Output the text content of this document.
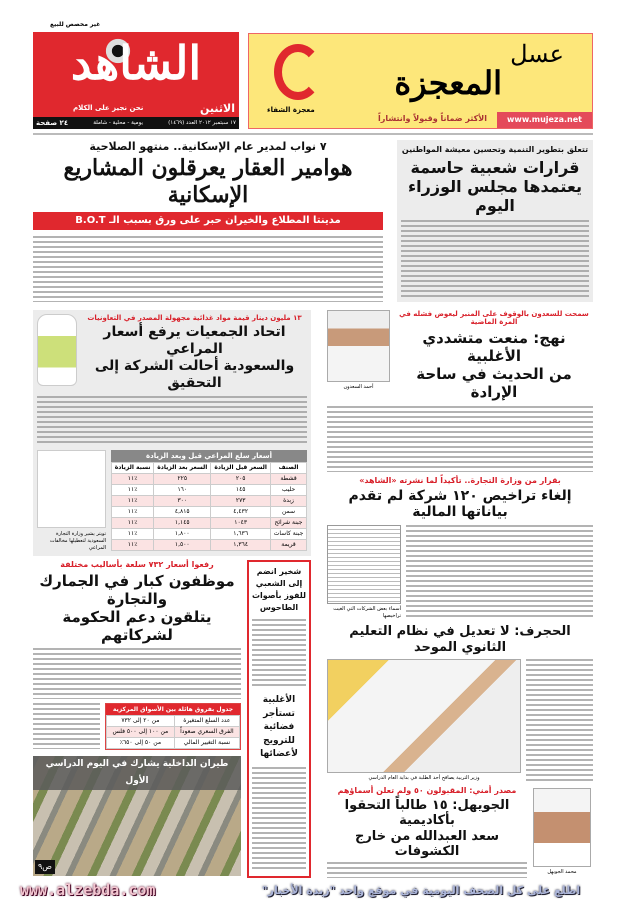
غير مخصص للبيع
الشاهد
نحن نجيز على الكلام	الاثنين
١٧ سبتمبر ٢٠١٢ العدد (١٤٦٩)
يومية - محلية - شاملة
٢٤ صفحة
عسل
المعجزة
معجزة الشفاء
الأكثر ضماناً وقبولاً وانتشاراً	www.mujeza.net
تتعلق بتطوير التنمية وتحسين معيشة المواطنين
قرارات شعبية حاسمة
يعتمدها مجلس الوزراء اليوم
٧ نواب لمدير عام الإسكانية.. منتهو الصلاحية
هوامير العقار يعرقلون المشاريع الإسكانية
مدينتا المطلاع والخيران حبر على ورق بسبب الـ B.O.T
١٣ مليون دينار قيمة مواد غذائية مجهولة المصدر في التعاونيات
اتحاد الجمعيات يرفع أسعار المراعي
والسعودية أحالت الشركة إلى التحقيق
أسعار سلع المراعي قبل وبعد الزيادة
الصنف	السعر قبل الزيادة	السعر بعد الزيادة	نسبة الزيادة
قشطة	٢٠٥	٢٢٥	٪١١
حليب	١٤٥	١٦٠	٪١١
زبدة	٢٧٣	٣٠٠	٪١١
سمن	٤,٤٣٢	٤,٨١٥	٪١١
جبنة شرائح	١٠٤٣	١,١٤٥	٪١١
جبنة كاسات	١,٦٣٦	١,٨٠٠	٪١١
قريمة	١,٣٦٤	١,٥٠٠	٪١١
تويتر يشير وزارة التجارة السعودية لتعطيلها مخالفات المراعي
سمحت للسعدون بالوقوف على المنبر ليعوض فشله في المرة الماضية
نهج: منعت متشددي الأغلبية
من الحديث في ساحة الإرادة
أحمد السعدون
بقرار من وزارة التجارة.. تأكيداً لما نشرته «الشاهد»
إلغاء تراخيص ١٢٠ شركة لم تقدم بياناتها المالية
أسماء بعض الشركات التي الغيت تراخيصها
الحجرف: لا تعديل في نظام التعليم الثانوي الموحد
وزير التربية يصافح أحد الطلبة في بداية العام الدراسي
مصدر أمني: المقبولون ٥٠ ولم تعلن أسماؤهم
الجويهل: ١٥ طالباً التحقوا بأكاديمية
سعد العبدالله من خارج الكشوفات
محمد الجويهل
رفعوا أسعار ٧٣٢ سلعة بأساليب مختلفة
موظفون كبار في الجمارك والتجارة
يتلقون دعم الحكومة لشركاتهم
جدول بفروق هائلة بين الأسواق المركزية
عدد السلع المتغيرة	من ٢٠ إلى ٧٣٢
الفرق السعري صعوداً	من ١٠٠ إلى ٥٠٠ فلس
نسبة التغيير المالي	من ٥٠ إلى ٦٥٠٪
شخير انضم إلى الشعبي للفوز بأصوات الطاحوس
الأغلبية تستأجر فضائية للترويج لأعضائها
طيران الداخلية يشارك في اليوم الدراسي الأول
ص٩
www.alzebda.com	اطلع على كل الصحف اليومية في موقع واحد "زبدة الأخبار"
